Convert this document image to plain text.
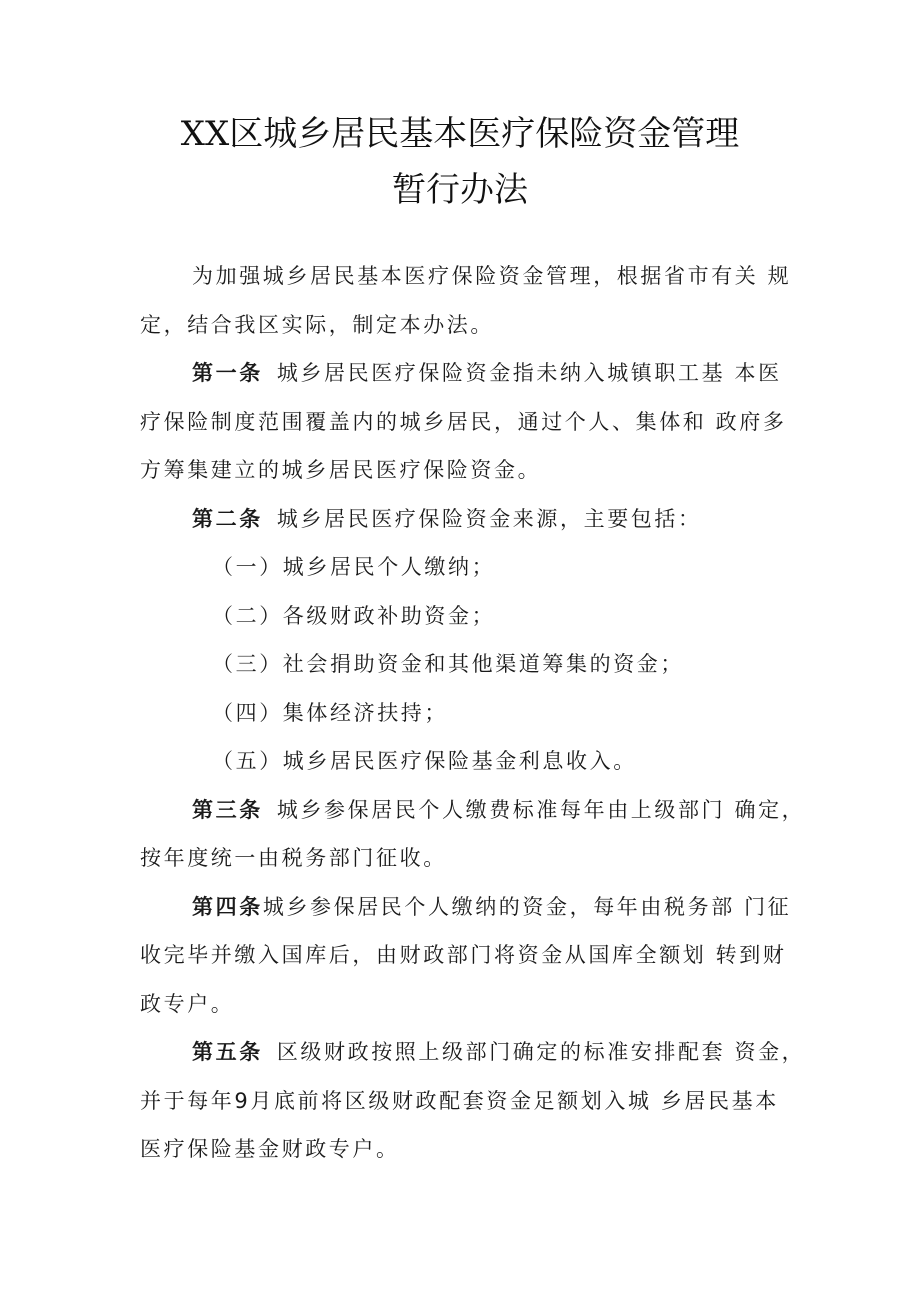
XX区城乡居民基本医疗保险资金管理
暂行办法
为加强城乡居民基本医疗保险资金管理，根据省市有关 规
定，结合我区实际，制定本办法。
第一条 城乡居民医疗保险资金指未纳入城镇职工基 本医
疗保险制度范围覆盖内的城乡居民，通过个人、集体和 政府多
方筹集建立的城乡居民医疗保险资金。
第二条 城乡居民医疗保险资金来源，主要包括：
（一）城乡居民个人缴纳；
（二）各级财政补助资金；
（三）社会捐助资金和其他渠道筹集的资金；
（四）集体经济扶持；
（五）城乡居民医疗保险基金利息收入。
第三条 城乡参保居民个人缴费标准每年由上级部门 确定，
按年度统一由税务部门征收。
第四条城乡参保居民个人缴纳的资金，每年由税务部 门征
收完毕并缴入国库后，由财政部门将资金从国库全额划 转到财
政专户。
第五条 区级财政按照上级部门确定的标准安排配套 资金，
并于每年9月底前将区级财政配套资金足额划入城 乡居民基本
医疗保险基金财政专户。
